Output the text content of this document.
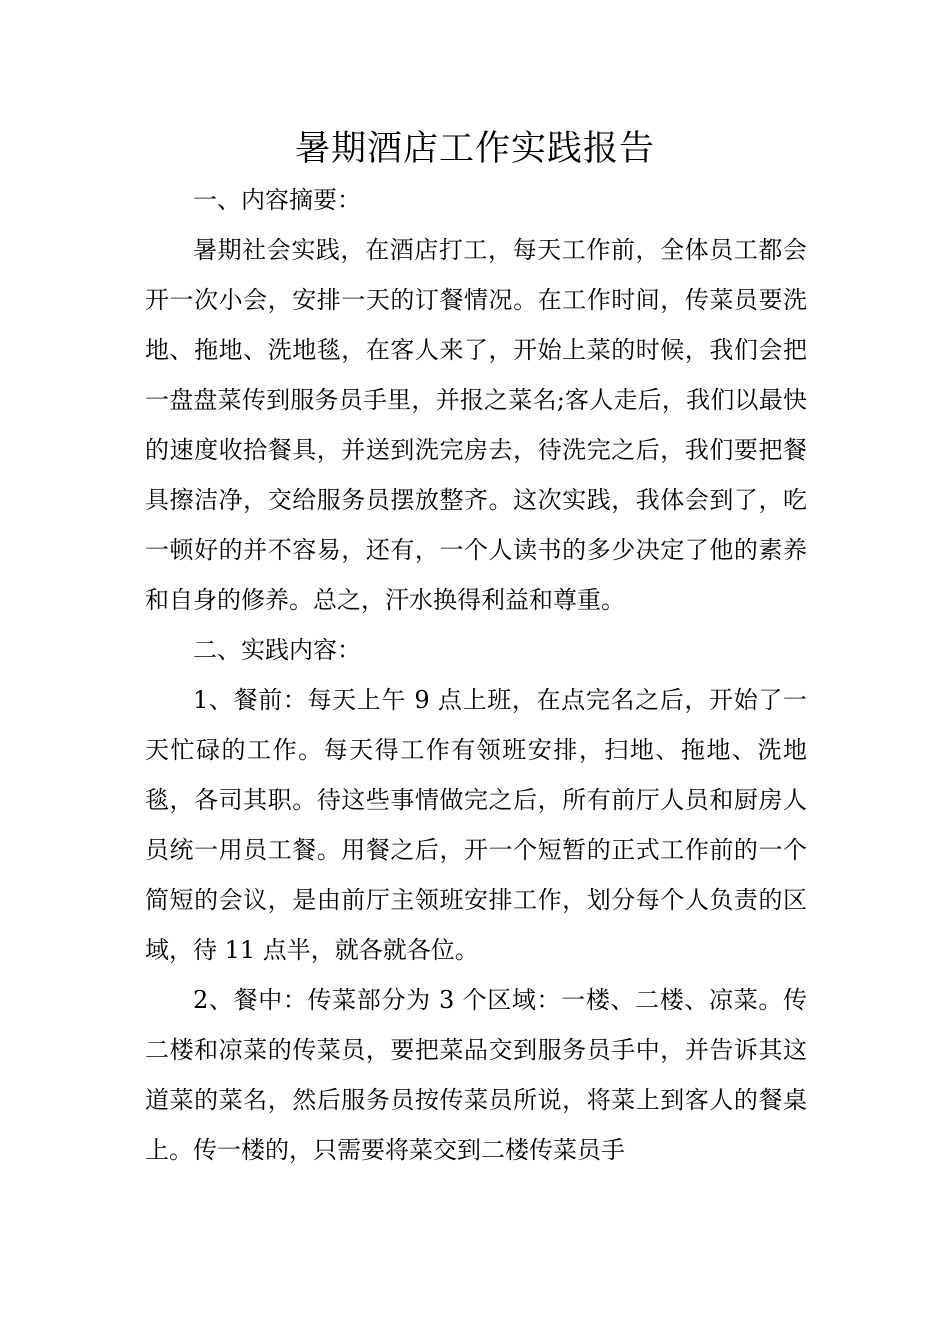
暑期酒店工作实践报告

一、内容摘要：

暑期社会实践，在酒店打工，每天工作前，全体员工都会开一次小会，安排一天的订餐情况。在工作时间，传菜员要洗地、拖地、洗地毯，在客人来了，开始上菜的时候，我们会把一盘盘菜传到服务员手里，并报之菜名;客人走后，我们以最快的速度收拾餐具，并送到洗完房去，待洗完之后，我们要把餐具擦洁净，交给服务员摆放整齐。这次实践，我体会到了，吃一顿好的并不容易，还有，一个人读书的多少决定了他的素养和自身的修养。总之，汗水换得利益和尊重。

二、实践内容：

1、餐前：每天上午 9 点上班，在点完名之后，开始了一天忙碌的工作。每天得工作有领班安排，扫地、拖地、洗地毯，各司其职。待这些事情做完之后，所有前厅人员和厨房人员统一用员工餐。用餐之后，开一个短暂的正式工作前的一个简短的会议，是由前厅主领班安排工作，划分每个人负责的区域，待 11 点半，就各就各位。

2、餐中：传菜部分为 3 个区域：一楼、二楼、凉菜。传二楼和凉菜的传菜员，要把菜品交到服务员手中，并告诉其这道菜的菜名，然后服务员按传菜员所说，将菜上到客人的餐桌上。传一楼的，只需要将菜交到二楼传菜员手
